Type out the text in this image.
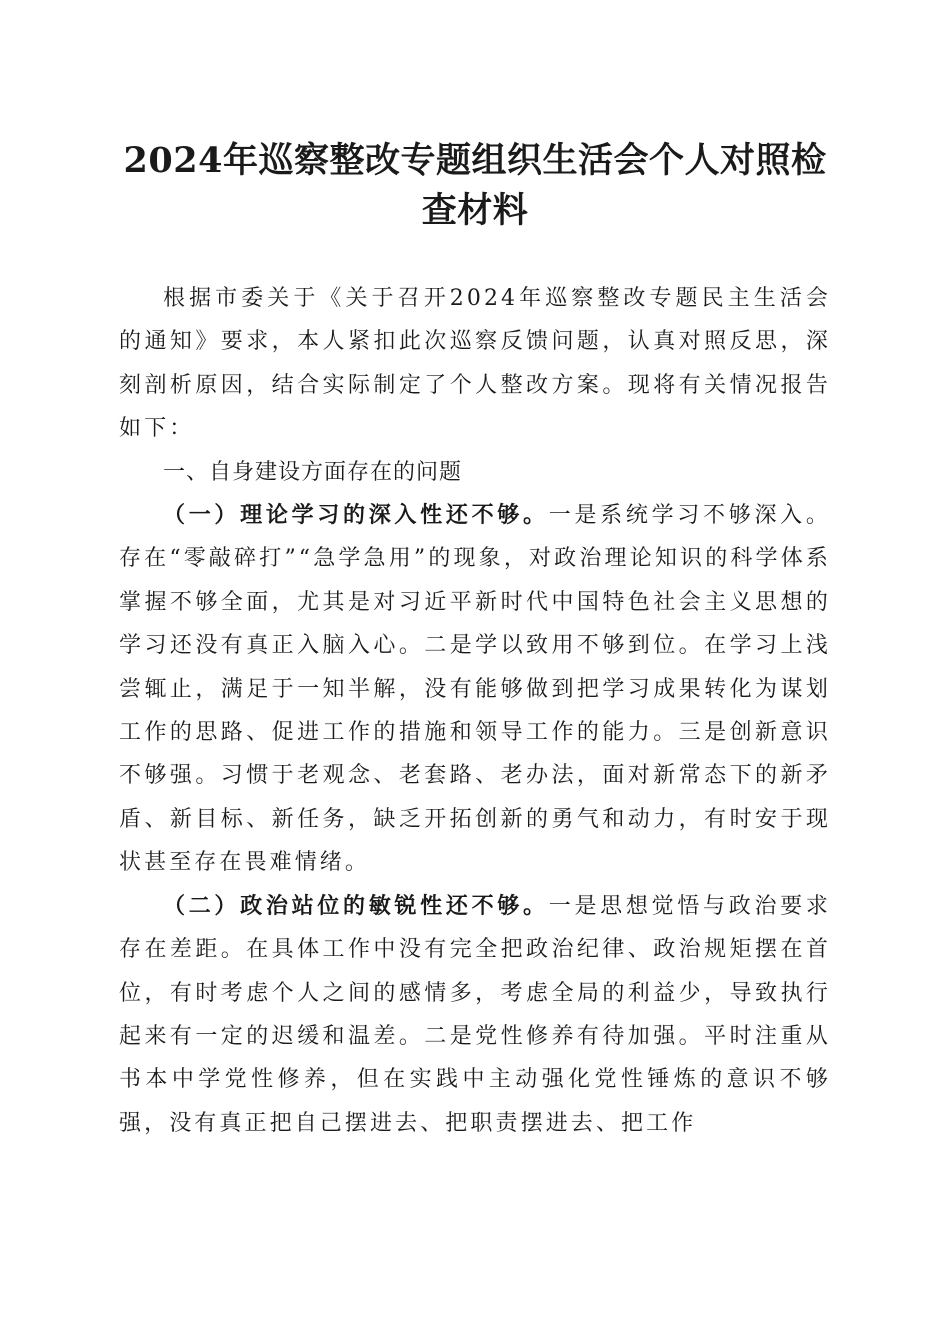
2024年巡察整改专题组织生活会个人对照检查材料

根据市委关于《关于召开2024年巡察整改专题民主生活会的通知》要求，本人紧扣此次巡察反馈问题，认真对照反思，深刻剖析原因，结合实际制定了个人整改方案。现将有关情况报告如下：

一、自身建设方面存在的问题

（一）理论学习的深入性还不够。一是系统学习不够深入。存在“零敲碎打”“急学急用”的现象，对政治理论知识的科学体系掌握不够全面，尤其是对习近平新时代中国特色社会主义思想的学习还没有真正入脑入心。二是学以致用不够到位。在学习上浅尝辄止，满足于一知半解，没有能够做到把学习成果转化为谋划工作的思路、促进工作的措施和领导工作的能力。三是创新意识不够强。习惯于老观念、老套路、老办法，面对新常态下的新矛盾、新目标、新任务，缺乏开拓创新的勇气和动力，有时安于现状甚至存在畏难情绪。

（二）政治站位的敏锐性还不够。一是思想觉悟与政治要求存在差距。在具体工作中没有完全把政治纪律、政治规矩摆在首位，有时考虑个人之间的感情多，考虑全局的利益少，导致执行起来有一定的迟缓和温差。二是党性修养有待加强。平时注重从书本中学党性修养，但在实践中主动强化党性锤炼的意识不够强，没有真正把自己摆进去、把职责摆进去、把工作
